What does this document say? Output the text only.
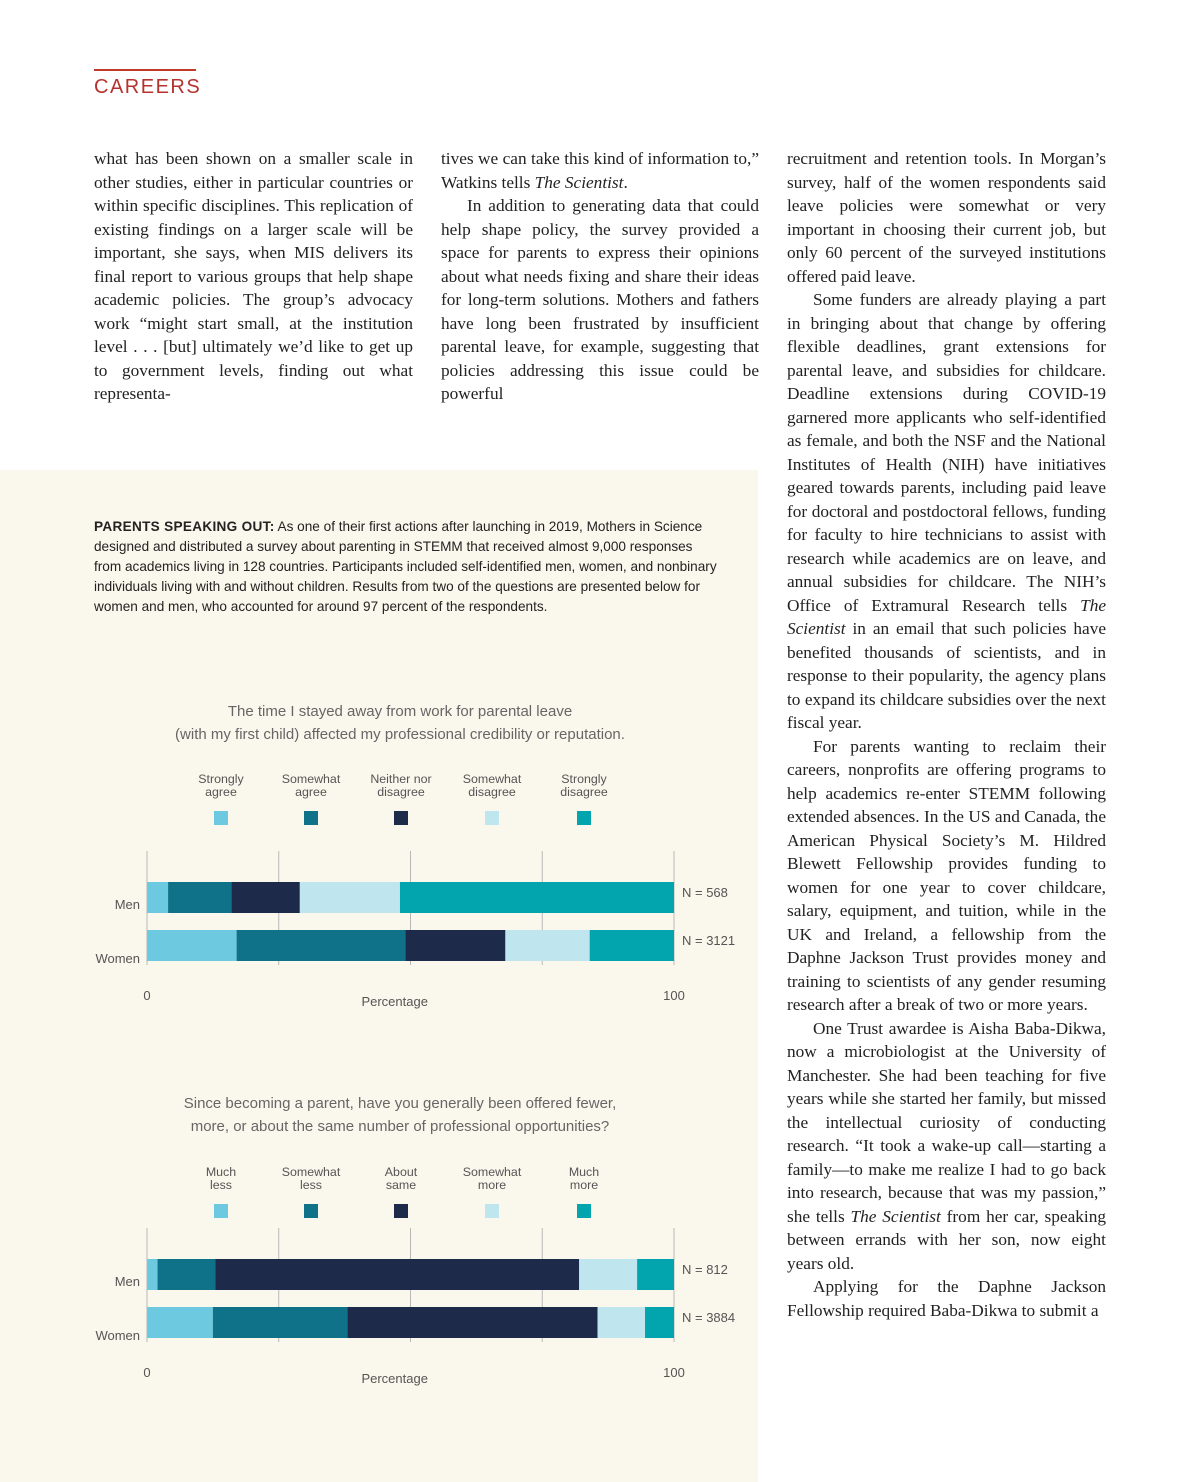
CAREERS

what has been shown on a smaller scale in other studies, either in particular countries or within specific disciplines. This replication of existing findings on a larger scale will be important, she says, when MIS delivers its final report to various groups that help shape academic policies. The group’s advocacy work “might start small, at the institution level . . . [but] ultimately we’d like to get up to government levels, finding out what representa-

tives we can take this kind of information to,” Watkins tells The Scientist.

In addition to generating data that could help shape policy, the survey provided a space for parents to express their opinions about what needs fixing and share their ideas for long-term solutions. Mothers and fathers have long been frustrated by insufficient parental leave, for example, suggesting that policies addressing this issue could be powerful

recruitment and retention tools. In Morgan’s survey, half of the women respondents said leave policies were somewhat or very important in choosing their current job, but only 60 percent of the surveyed institutions offered paid leave.

Some funders are already playing a part in bringing about that change by offering flexible deadlines, grant extensions for parental leave, and subsidies for childcare. Deadline extensions during COVID-19 garnered more applicants who self-identified as female, and both the NSF and the National Institutes of Health (NIH) have initiatives geared towards parents, including paid leave for doctoral and postdoctoral fellows, funding for faculty to hire technicians to assist with research while academics are on leave, and annual subsidies for childcare. The NIH’s Office of Extramural Research tells The Scientist in an email that such policies have benefited thousands of scientists, and in response to their popularity, the agency plans to expand its childcare subsidies over the next fiscal year.

For parents wanting to reclaim their careers, nonprofits are offering programs to help academics re-enter STEMM following extended absences. In the US and Canada, the American Physical Society’s M. Hildred Blewett Fellowship provides funding to women for one year to cover childcare, salary, equipment, and tuition, while in the UK and Ireland, a fellowship from the Daphne Jackson Trust provides money and training to scientists of any gender resuming research after a break of two or more years.

One Trust awardee is Aisha Baba-Dikwa, now a microbiologist at the University of Manchester. She had been teaching for five years while she started her family, but missed the intellectual curiosity of conducting research. “It took a wake-up call—starting a family—to make me realize I had to go back into research, because that was my passion,” she tells The Scientist from her car, speaking between errands with her son, now eight years old.

Applying for the Daphne Jackson Fellowship required Baba-Dikwa to submit a

PARENTS SPEAKING OUT: As one of their first actions after launching in 2019, Mothers in Science designed and distributed a survey about parenting in STEMM that received almost 9,000 responses from academics living in 128 countries. Participants included self-identified men, women, and nonbinary individuals living with and without children. Results from two of the questions are presented below for women and men, who accounted for around 97 percent of the respondents.
The time I stayed away from work for parental leave
(with my first child) affected my professional credibility or reputation.
Strongly
agree
Somewhat
agree
Neither nor
disagree
Somewhat
disagree
Strongly
disagree
Men
N = 568
Women
N = 3121
0	100
Percentage
Since becoming a parent, have you generally been offered fewer,
more, or about the same number of professional opportunities?
Much
less
Somewhat
less
About
same
Somewhat
more
Much
more
Men
N = 812
Women
N = 3884
0	100
Percentage
